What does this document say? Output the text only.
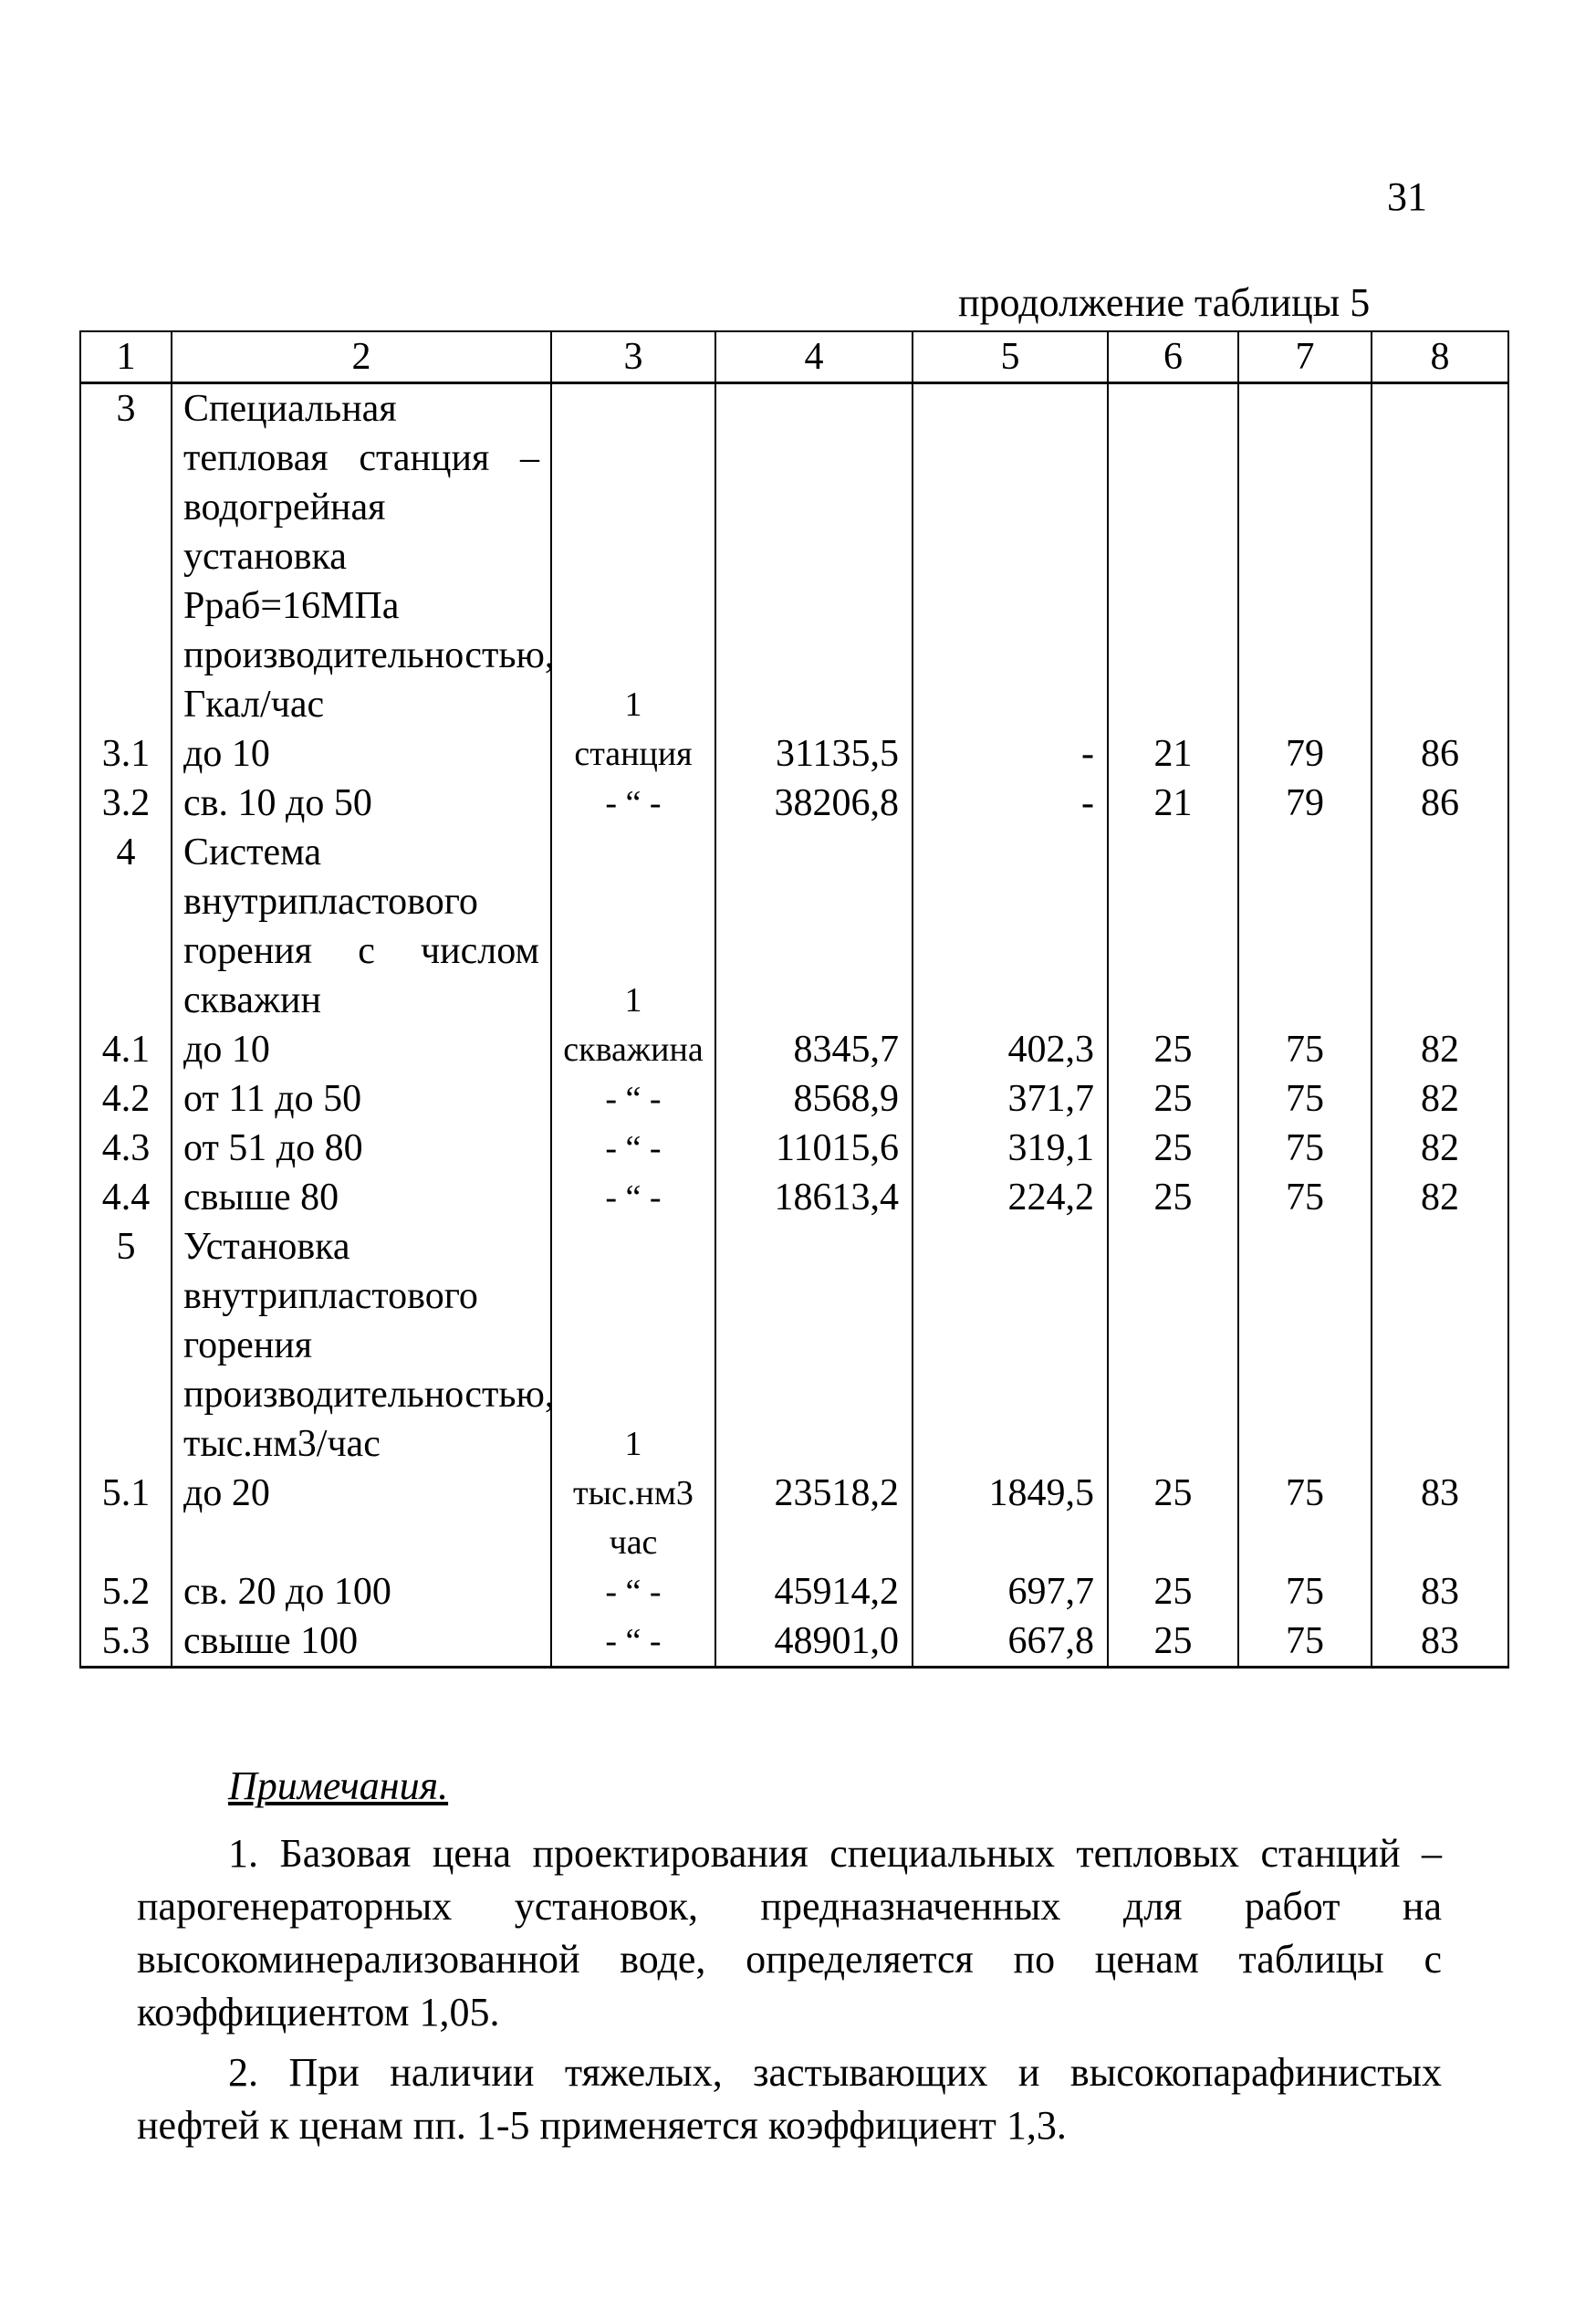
31
продолжение таблицы 5
1	2	3	4	5	6	7	8
3	Специальная тепловая станция – водогрейная установка Pраб=16МПа производительностью, Гкал/час	1					
3.1	до 10	станция	31135,5	-	21	79	86
3.2	св. 10 до 50	- “ -	38206,8	-	21	79	86
4	Система внутрипластового горения с числом скважин	1					
4.1	до 10	скважина	8345,7	402,3	25	75	82
4.2	от 11 до 50	- “ -	8568,9	371,7	25	75	82
4.3	от 51 до 80	- “ -	11015,6	319,1	25	75	82
4.4	свыше 80	- “ -	18613,4	224,2	25	75	82
5	Установка внутрипластового горения производительностью, тыс.нм3/час	1					
5.1	до 20	тыс.нм3 час	23518,2	1849,5	25	75	83
5.2	св. 20 до 100	- “ -	45914,2	697,7	25	75	83
5.3	свыше 100	- “ -	48901,0	667,8	25	75	83
Примечания.
1. Базовая цена проектирования специальных тепловых станций – парогенераторных установок, предназначенных для работ на высокоминерализованной воде, определяется по ценам таблицы с коэффициентом 1,05.
2. При наличии тяжелых, застывающих и высокопарафинистых нефтей к ценам пп. 1-5 применяется коэффициент 1,3.
